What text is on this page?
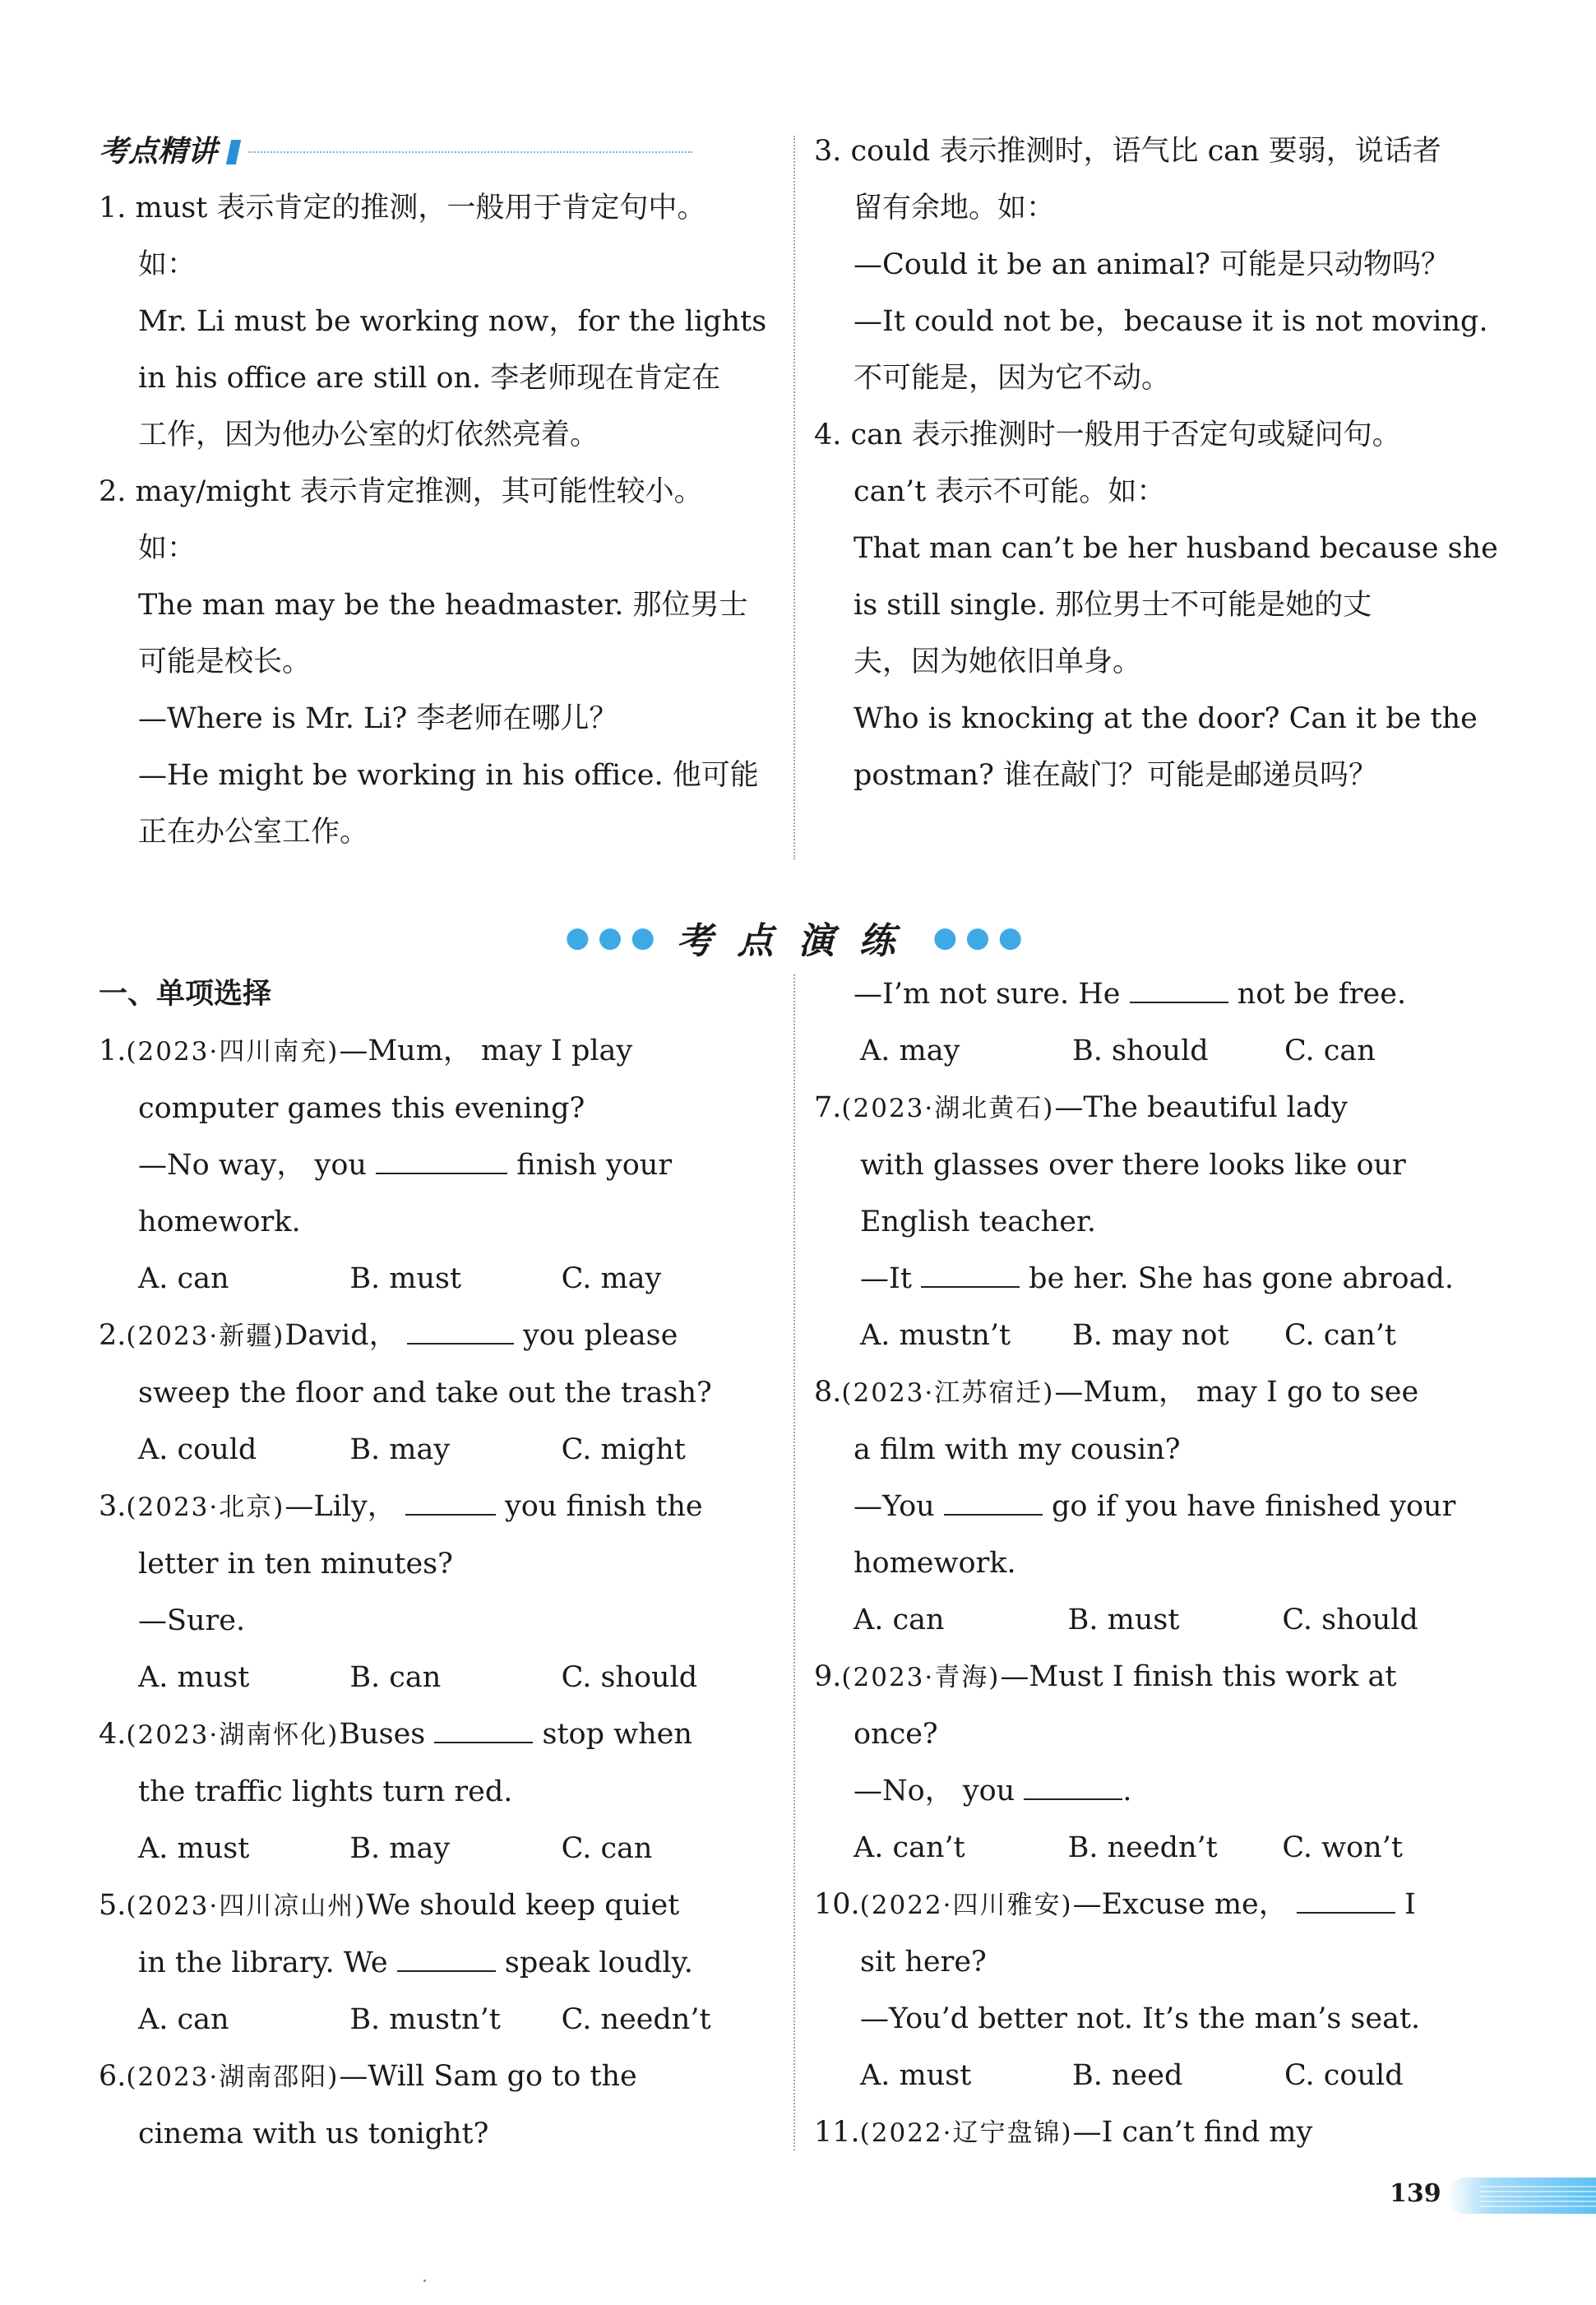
考点精讲
1. must 表示肯定的推测，一般用于肯定句中。
如：
Mr. Li must be working now，for the lights
in his office are still on. 李老师现在肯定在
工作，因为他办公室的灯依然亮着。
2. may/might 表示肯定推测，其可能性较小。
如：
The man may be the headmaster. 那位男士
可能是校长。
—Where is Mr. Li? 李老师在哪儿？
—He might be working in his office. 他可能
正在办公室工作。
3. could 表示推测时，语气比 can 要弱，说话者
留有余地。如：
—Could it be an animal? 可能是只动物吗？
—It could not be，because it is not moving.
不可能是，因为它不动。
4. can 表示推测时一般用于否定句或疑问句。
can’t 表示不可能。如：
That man can’t be her husband because she
is still single. 那位男士不可能是她的丈
夫，因为她依旧单身。
Who is knocking at the door? Can it be the
postman? 谁在敲门？可能是邮递员吗？
●●● 考点演练 ●●●
一、单项选择
1.(2023·四川南充)—Mum， may I play
computer games this evening?
—No way， you	finish your
homework.
A. can	B. must	C. may
2.(2023·新疆)David，	you please
sweep the floor and take out the trash?
A. could	B. may	C. might
3.(2023·北京)—Lily，	you finish the
letter in ten minutes?
—Sure.
A. must	B. can	C. should
4.(2023·湖南怀化)Buses	stop when
the traffic lights turn red.
A. must	B. may	C. can
5.(2023·四川凉山州)We should keep quiet
in the library. We	speak loudly.
A. can	B. mustn’t	C. needn’t
6.(2023·湖南邵阳)—Will Sam go to the
cinema with us tonight?
—I’m not sure. He	not be free.
A. may	B. should	C. can
7.(2023·湖北黄石)—The beautiful lady
with glasses over there looks like our
English teacher.
—It	be her. She has gone abroad.
A. mustn’t	B. may not	C. can’t
8.(2023·江苏宿迁)—Mum， may I go to see
a film with my cousin?
—You	go if you have finished your
homework.
A. can	B. must	C. should
9.(2023·青海)—Must I finish this work at
once?
—No， you	.
A. can’t	B. needn’t	C. won’t
10.(2022·四川雅安)—Excuse me，	I
sit here?
—You’d better not. It’s the man’s seat.
A. must	B. need	C. could
11.(2022·辽宁盘锦)—I can’t find my
139
